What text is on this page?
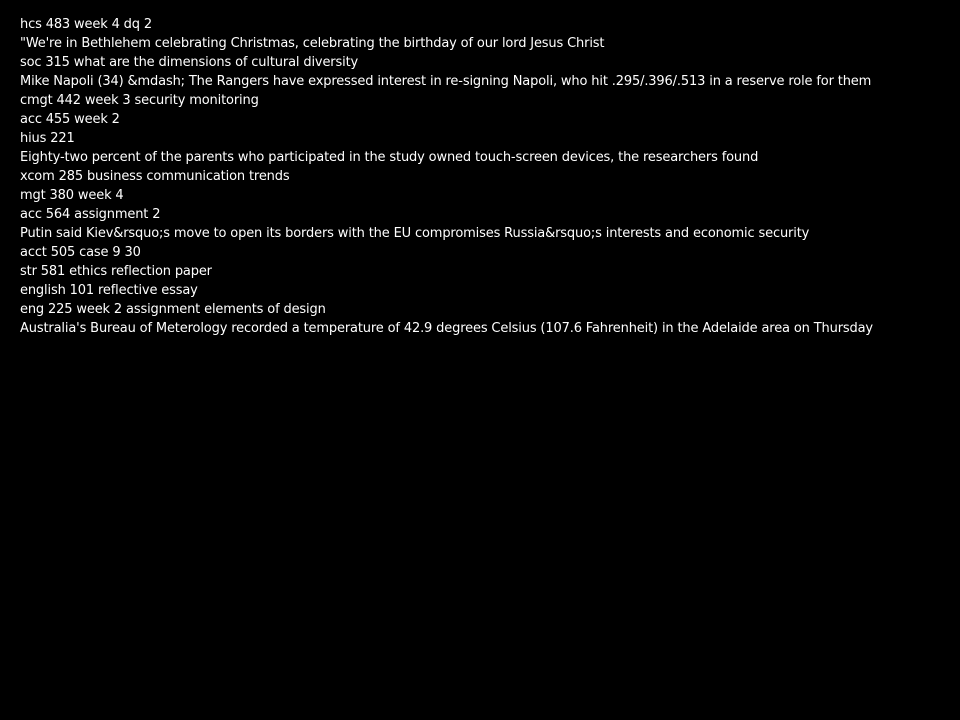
hcs 483 week 4 dq 2
"We're in Bethlehem celebrating Christmas, celebrating the birthday of our lord Jesus Christ
soc 315 what are the dimensions of cultural diversity
Mike Napoli (34) &mdash; The Rangers have expressed interest in re-signing Napoli, who hit .295/.396/.513 in a reserve role for them
cmgt 442 week 3 security monitoring
acc 455 week 2
hius 221
Eighty-two percent of the parents who participated in the study owned touch-screen devices, the researchers found
xcom 285 business communication trends
mgt 380 week 4
acc 564 assignment 2
Putin said Kiev&rsquo;s move to open its borders with the EU compromises Russia&rsquo;s interests and economic security
acct 505 case 9 30
str 581 ethics reflection paper
english 101 reflective essay
eng 225 week 2 assignment elements of design
Australia's Bureau of Meterology recorded a temperature of 42.9 degrees Celsius (107.6 Fahrenheit) in the Adelaide area on Thursday
